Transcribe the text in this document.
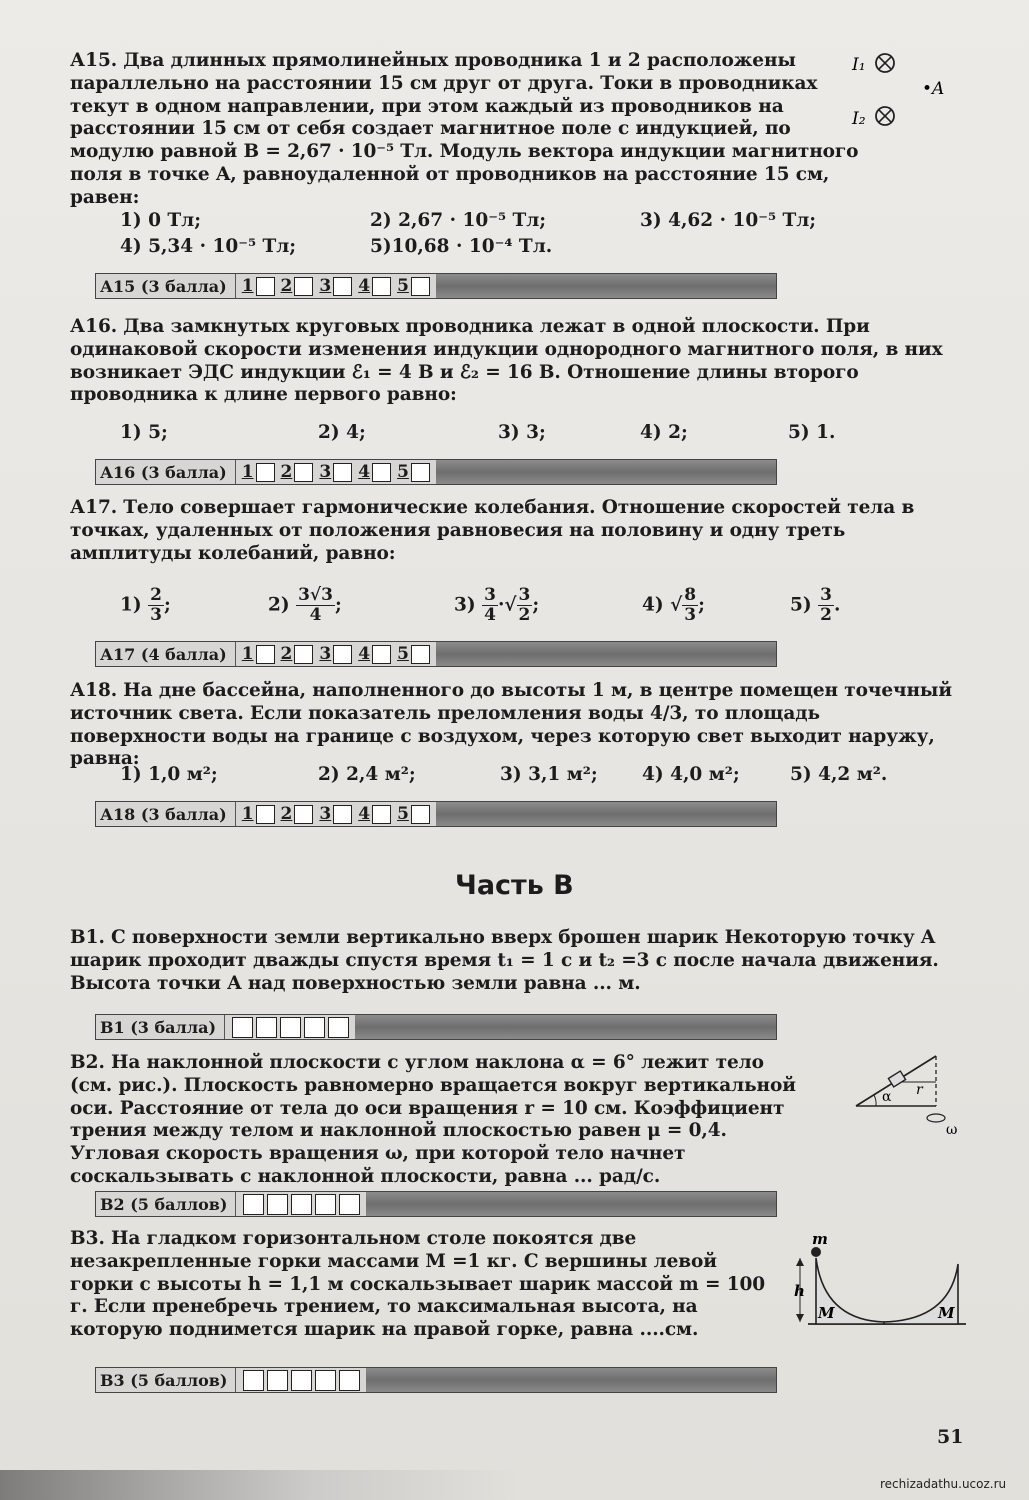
А15. Два длинных прямолинейных проводника 1 и 2 расположены параллельно на расстоянии 15 см друг от друга. Токи в проводниках текут в одном направлении, при этом каждый из проводников на расстоянии 15 см от себя создает магнитное поле с индукцией, по модулю равной B = 2,67 · 10⁻⁵ Тл. Модуль вектора индукции магнитного поля в точке A, равноудаленной от проводников на расстояние 15 см, равен:
I₁
•A
I₂
1) 0 Тл;	2) 2,67 · 10⁻⁵ Тл;	3) 4,62 · 10⁻⁵ Тл;
4) 5,34 · 10⁻⁵ Тл;	5)10,68 · 10⁻⁴ Тл.
А15 (3 балла) 1 2 3 4 5
А16. Два замкнутых круговых проводника лежат в одной плоскости. При одинаковой скорости изменения индукции однородного магнитного поля, в них возникает ЭДС индукции ℰ₁ = 4 В и ℰ₂ = 16 В. Отношение длины второго проводника к длине первого равно:
1) 5;	2) 4;	3) 3;	4) 2;	5) 1.
А16 (3 балла) 1 2 3 4 5
А17. Тело совершает гармонические колебания. Отношение скоростей тела в точках, удаленных от положения равновесия на половину и одну треть амплитуды колебаний, равно:
$1) \frac{2}{3}$ ;	$2) \frac{3√3}{4}$ ;	$3) \frac{3}{4}$ ·√ $\frac{3}{2}$ ;	4) √ $\frac{8}{3}$ ;	$5) \frac{3}{2}$ .
А17 (4 балла) 1 2 3 4 5
А18. На дне бассейна, наполненного до высоты 1 м, в центре помещен точечный источник света. Если показатель преломления воды 4/3, то площадь поверхности воды на границе с воздухом, через которую свет выходит наружу, равна:
1) 1,0 м²;	2) 2,4 м²;	3) 3,1 м²; 4) 4,0 м²;	5) 4,2 м².
А18 (3 балла) 1 2 3 4 5
Часть В
В1. С поверхности земли вертикально вверх брошен шарик Некоторую точку A шарик проходит дважды спустя время t₁ = 1 с и t₂ =3 с после начала движения. Высота точки A над поверхностью земли равна ... м.
В1 (3 балла)
В2. На наклонной плоскости с углом наклона α = 6° лежит тело (см. рис.). Плоскость равномерно вращается вокруг вертикальной оси. Расстояние от тела до оси вращения r = 10 см. Коэффициент трения между телом и наклонной плоскостью равен μ = 0,4. Угловая скорость вращения ω, при которой тело начнет соскальзывать с наклонной плоскости, равна ... рад/с.
r
α
ω
В2 (5 баллов)
В3. На гладком горизонтальном столе покоятся две незакрепленные горки массами M =1 кг. С вершины левой горки с высоты h = 1,1 м соскальзывает шарик массой m = 100 г. Если пренебречь трением, то максимальная высота, на которую поднимется шарик на правой горке, равна ....см.
m
h
M	M
В3 (5 баллов)
51
rechizadathu.ucoz.ru
